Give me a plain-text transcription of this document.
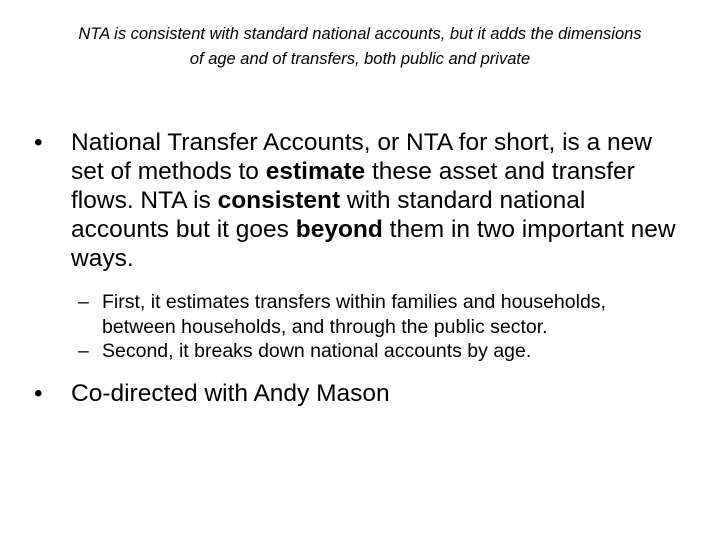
NTA is consistent with standard national accounts, but it adds the dimensions
of age and of transfers, both public and private
• National Transfer Accounts, or NTA for short, is a new set of methods to estimate these asset and transfer flows. NTA is consistent with standard national accounts but it goes beyond them in two important new ways.
– First, it estimates transfers within families and households, between households, and through the public sector.
– Second, it breaks down national accounts by age.
• Co-directed with Andy Mason
